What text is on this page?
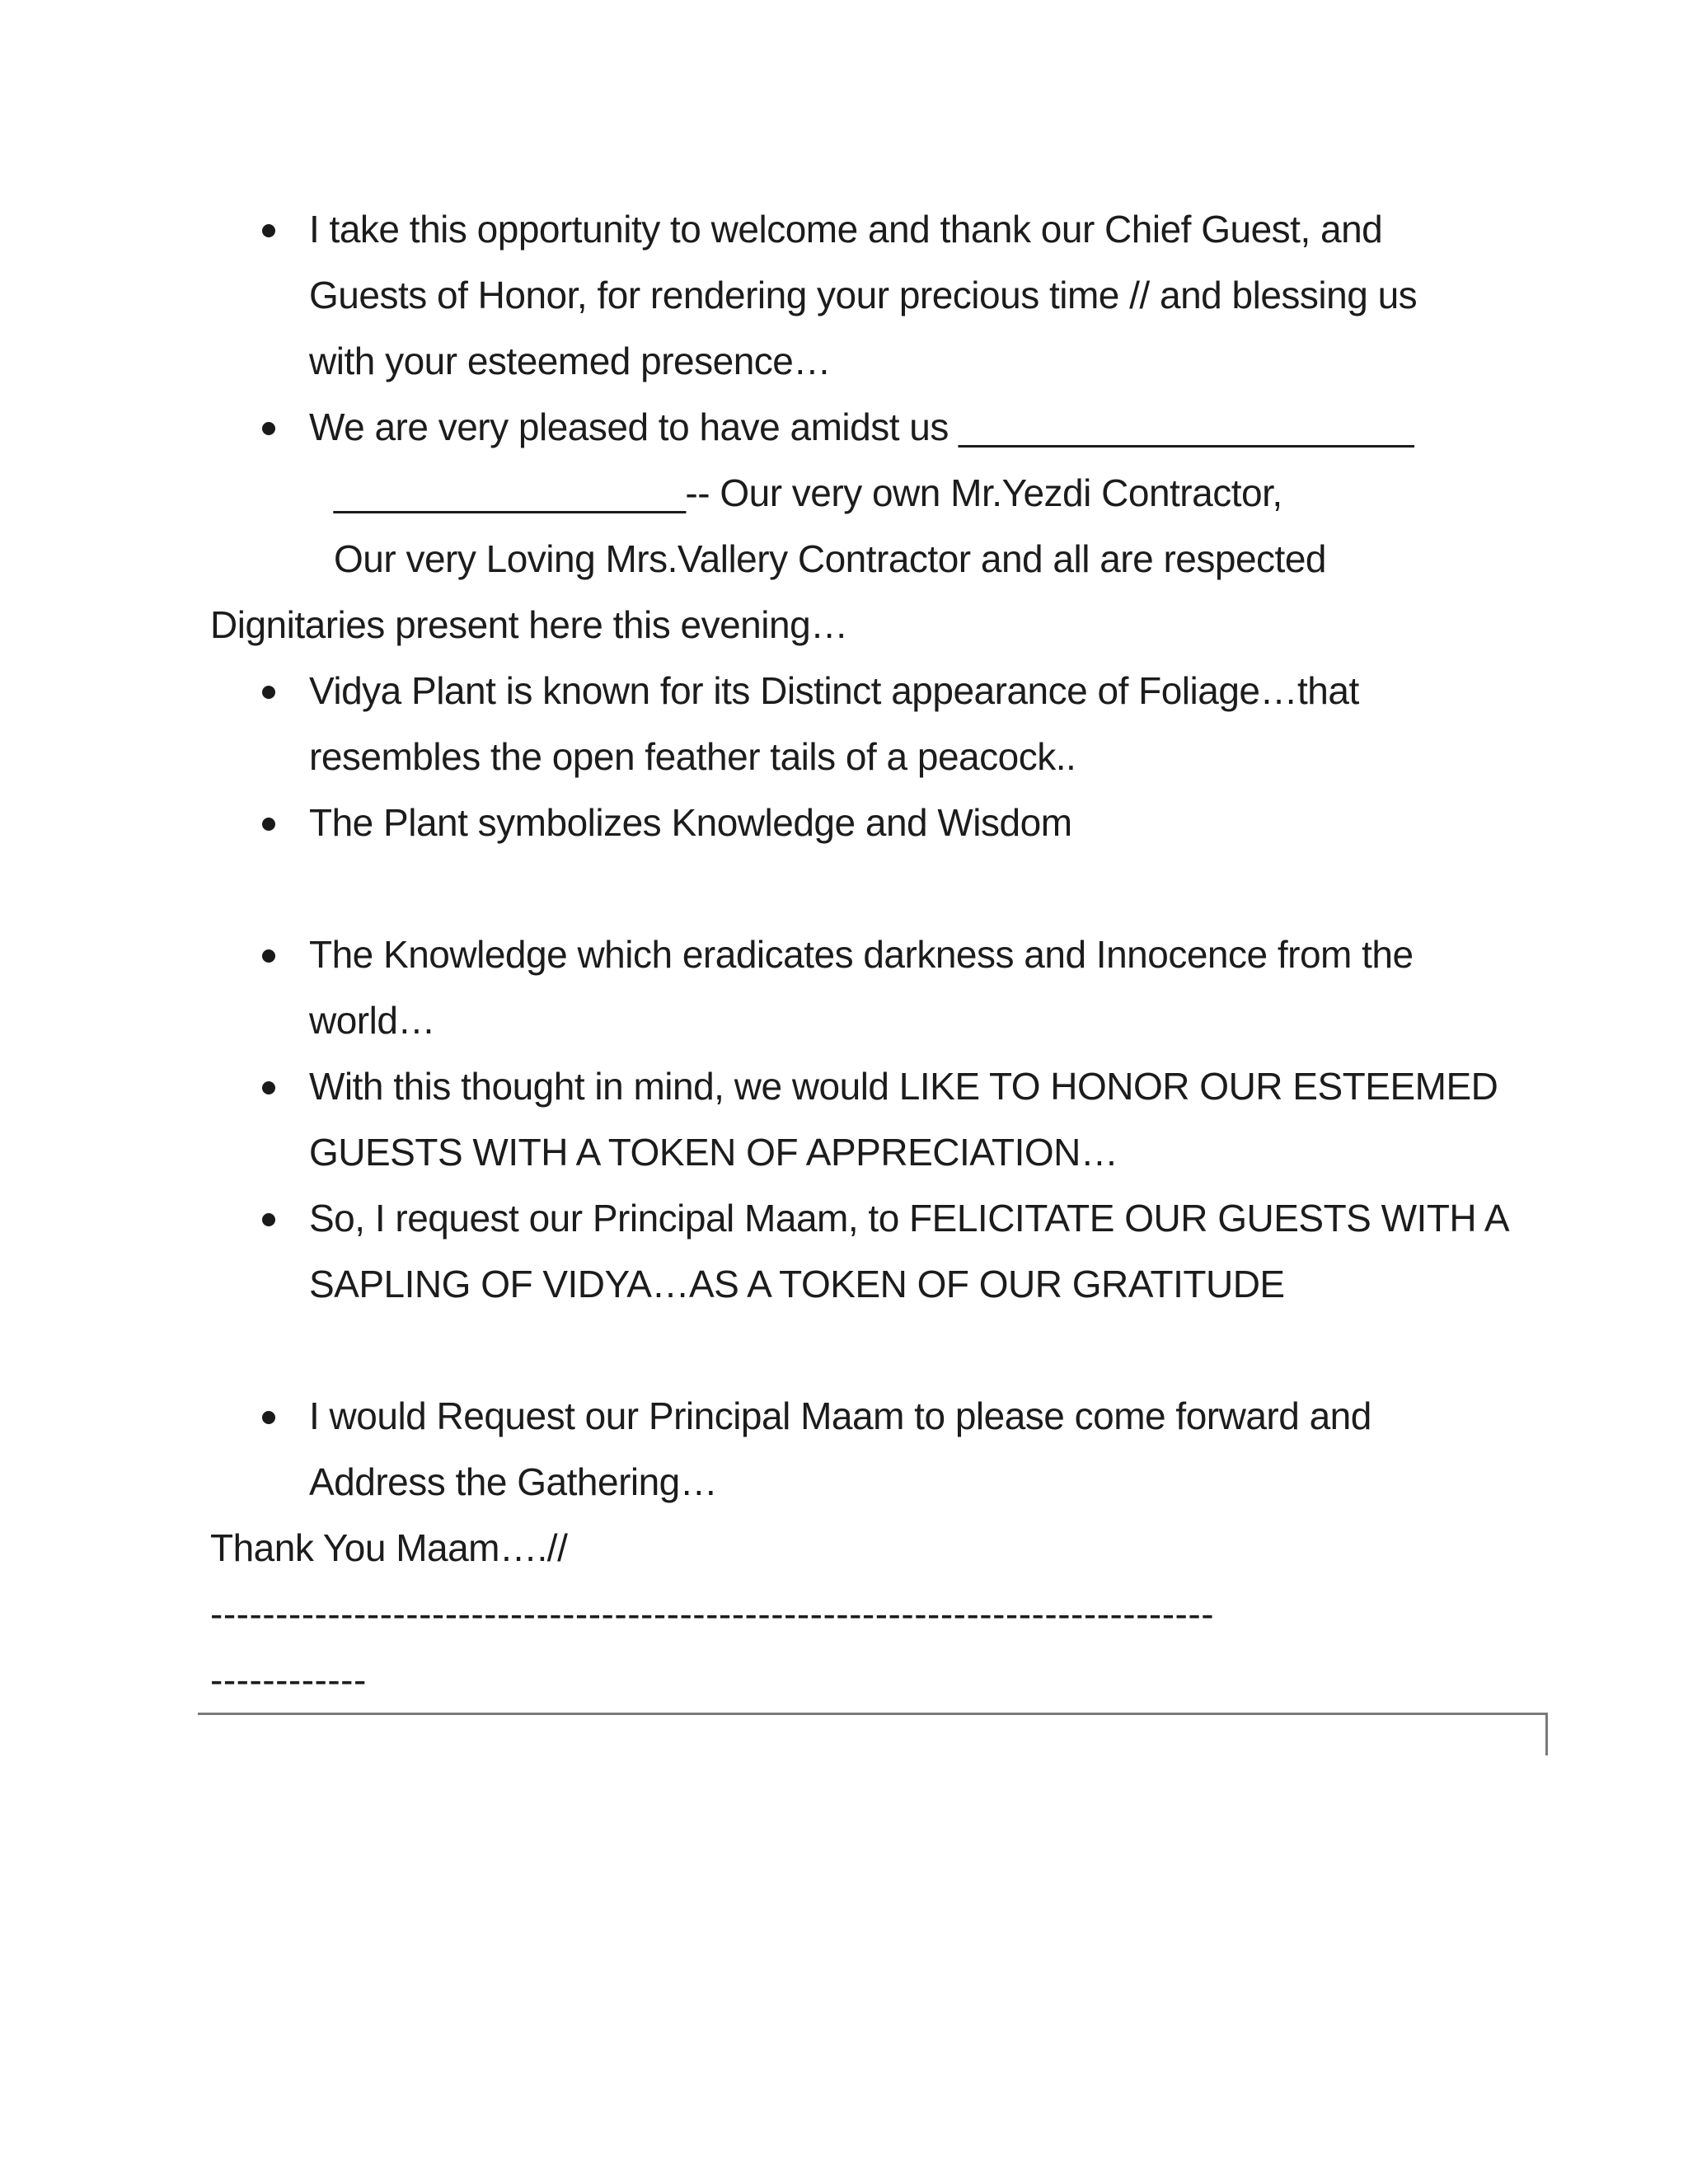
I take this opportunity to welcome and thank our Chief Guest, and
Guests of Honor, for rendering your precious time // and blessing us
with your esteemed presence…
We are very pleased to have amidst us ______________________
_________________-- Our very own Mr.Yezdi Contractor,
Our very Loving Mrs.Vallery Contractor and all are respected
Dignitaries present here this evening…
Vidya Plant is known for its Distinct appearance of Foliage…that
resembles the open feather tails of a peacock..
The Plant symbolizes Knowledge and Wisdom
The Knowledge which eradicates darkness and Innocence from the
world…
With this thought in mind, we would LIKE TO HONOR OUR ESTEEMED
GUESTS WITH A TOKEN OF APPRECIATION…
So, I request our Principal Maam, to FELICITATE OUR GUESTS WITH A
SAPLING OF VIDYA…AS A TOKEN OF OUR GRATITUDE
I would Request our Principal Maam to please come forward and
Address the Gathering…
Thank You Maam….//
-----------------------------------------------------------------------------
------------
